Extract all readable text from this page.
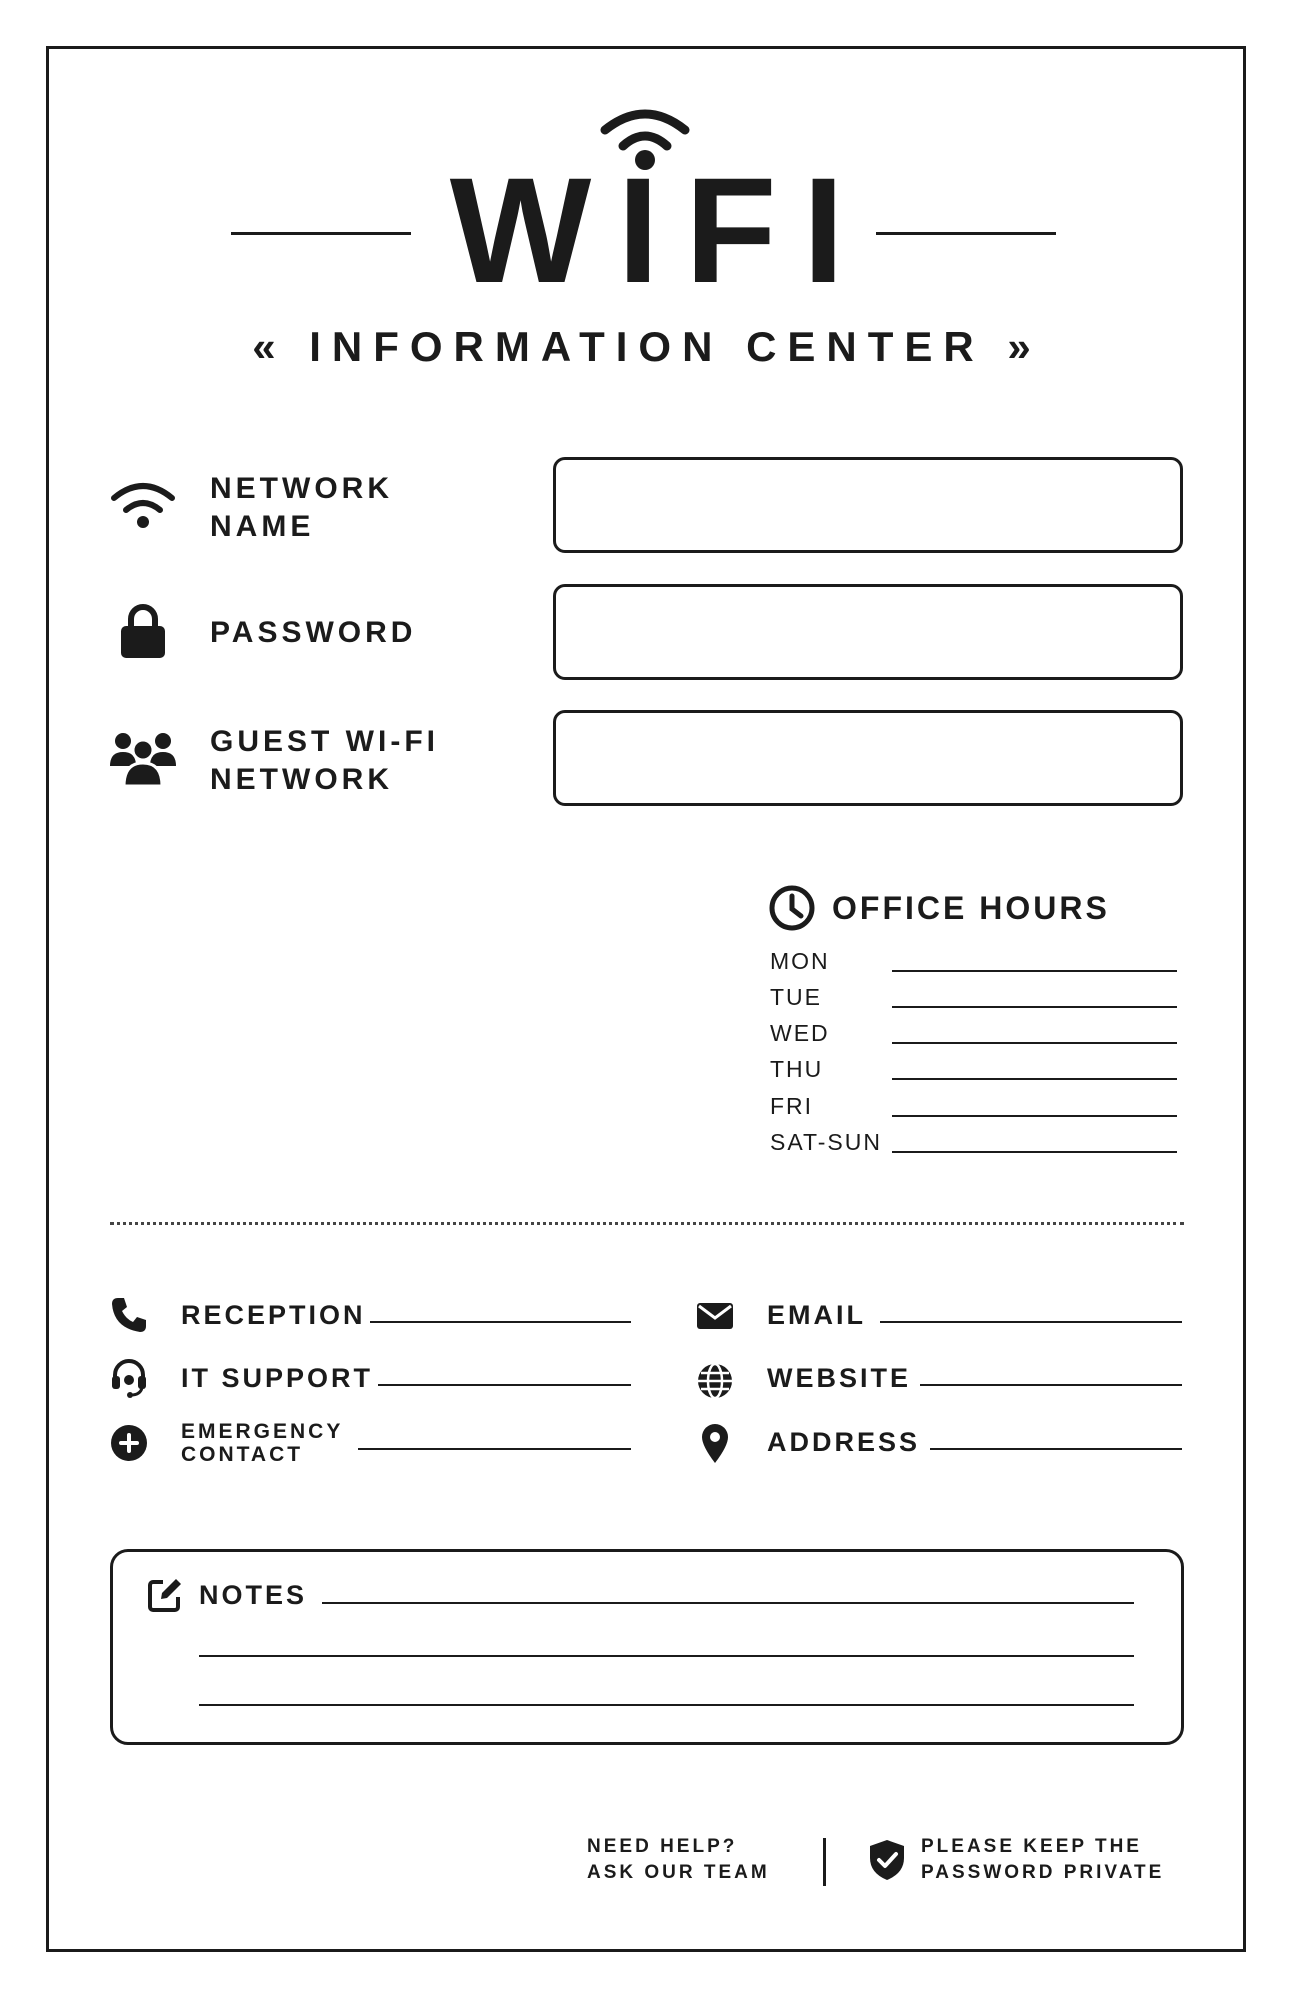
WIFI
« INFORMATION CENTER »
NETWORK
NAME
PASSWORD
GUEST WI-FI
NETWORK
OFFICE HOURS
MON
TUE
WED
THU
FRI
SAT-SUN
RECEPTION
IT SUPPORT
EMERGENCY
CONTACT
EMAIL
WEBSITE
ADDRESS
NOTES
NEED HELP?
ASK OUR TEAM
PLEASE KEEP THE
PASSWORD PRIVATE
